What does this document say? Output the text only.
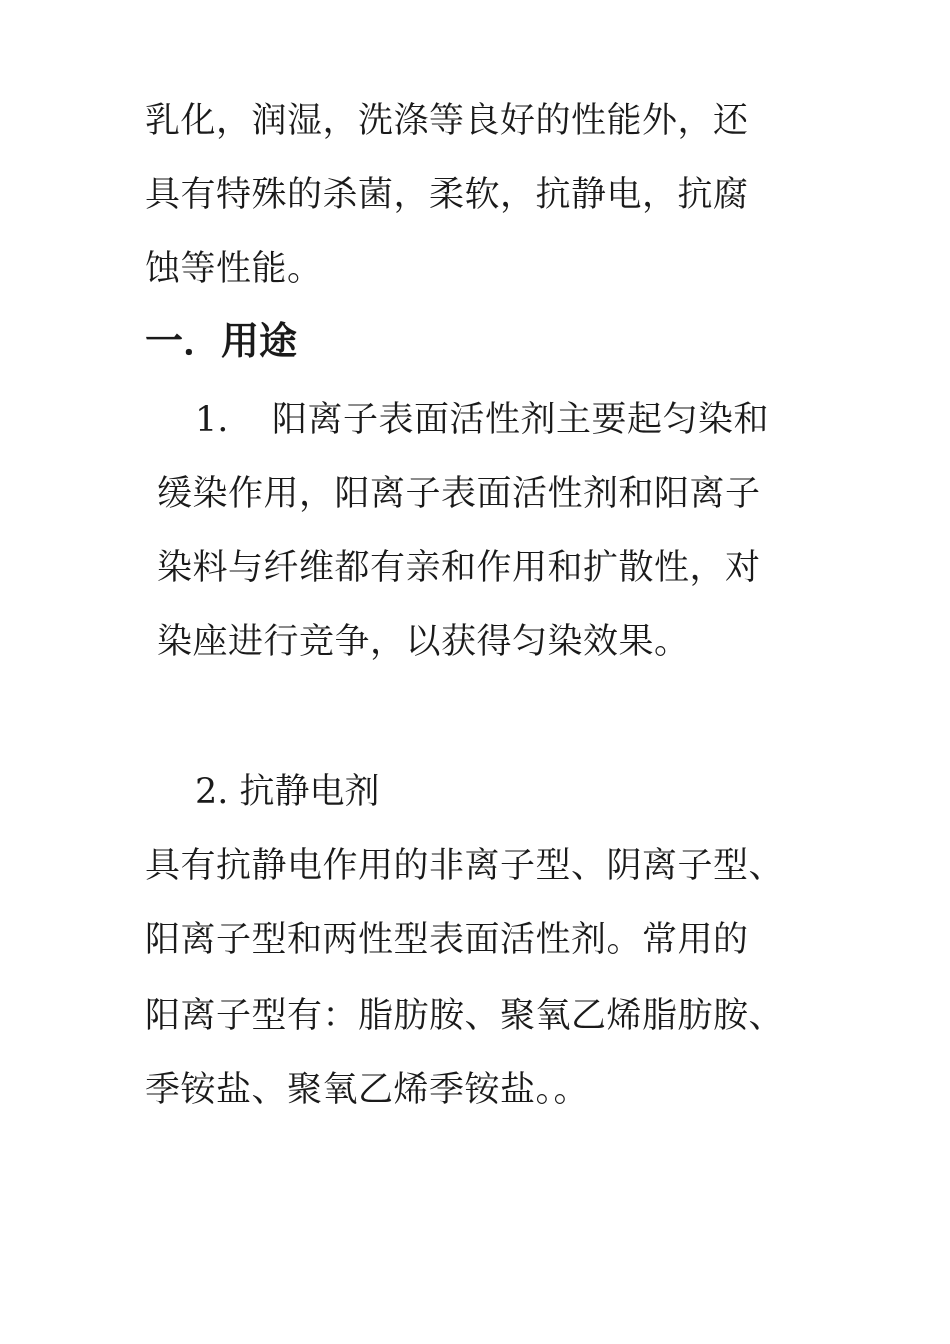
乳化，润湿，洗涤等良好的性能外，还
具有特殊的杀菌，柔软，抗静电，抗腐
蚀等性能。
一．用途
1. 阳离子表面活性剂主要起匀染和
缓染作用，阳离子表面活性剂和阳离子
染料与纤维都有亲和作用和扩散性，对
染座进行竞争，以获得匀染效果。
2. 抗静电剂
具有抗静电作用的非离子型、阴离子型、
阳离子型和两性型表面活性剂。常用的
阳离子型有：脂肪胺、聚氧乙烯脂肪胺、
季铵盐、聚氧乙烯季铵盐。。
